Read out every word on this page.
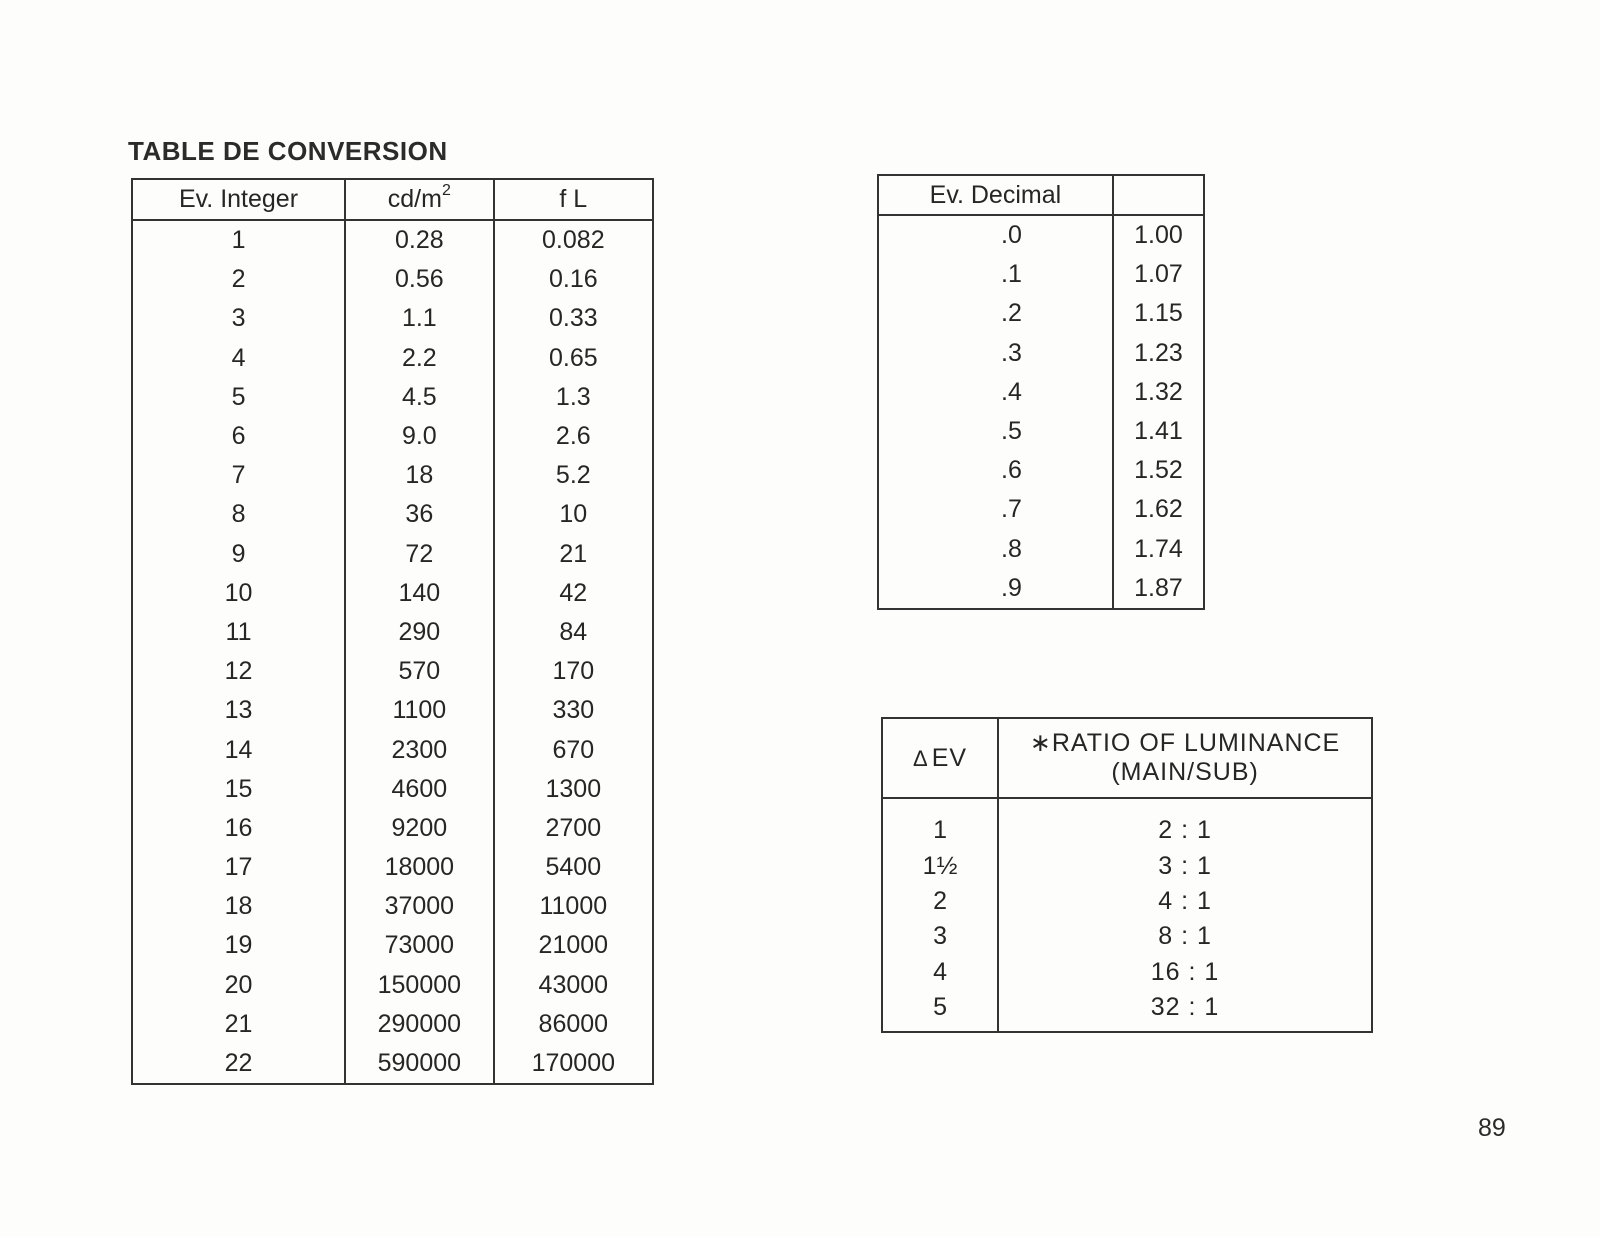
TABLE DE CONVERSION
Ev. Integer	$cd/m^2$	f L
1	0.28	0.082
2	0.56	0.16
3	1.1	0.33
4	2.2	0.65
5	4.5	1.3
6	9.0	2.6
7	18	5.2
8	36	10
9	72	21
10	140	42
11	290	84
12	570	170
13	1100	330
14	2300	670
15	4600	1300
16	9200	2700
17	18000	5400
18	37000	11000
19	73000	21000
20	150000	43000
21	290000	86000
22	590000	170000
Ev. Decimal	
.0	1.00
.1	1.07
.2	1.15
.3	1.23
.4	1.32
.5	1.41
.6	1.52
.7	1.62
.8	1.74
.9	1.87
Δ EV	∗RATIO OF LUMINANCE
(MAIN/SUB)

1	2 : 1
1½	3 : 1
2	4 : 1
3	8 : 1
4	16 : 1
5	32 : 1
89
